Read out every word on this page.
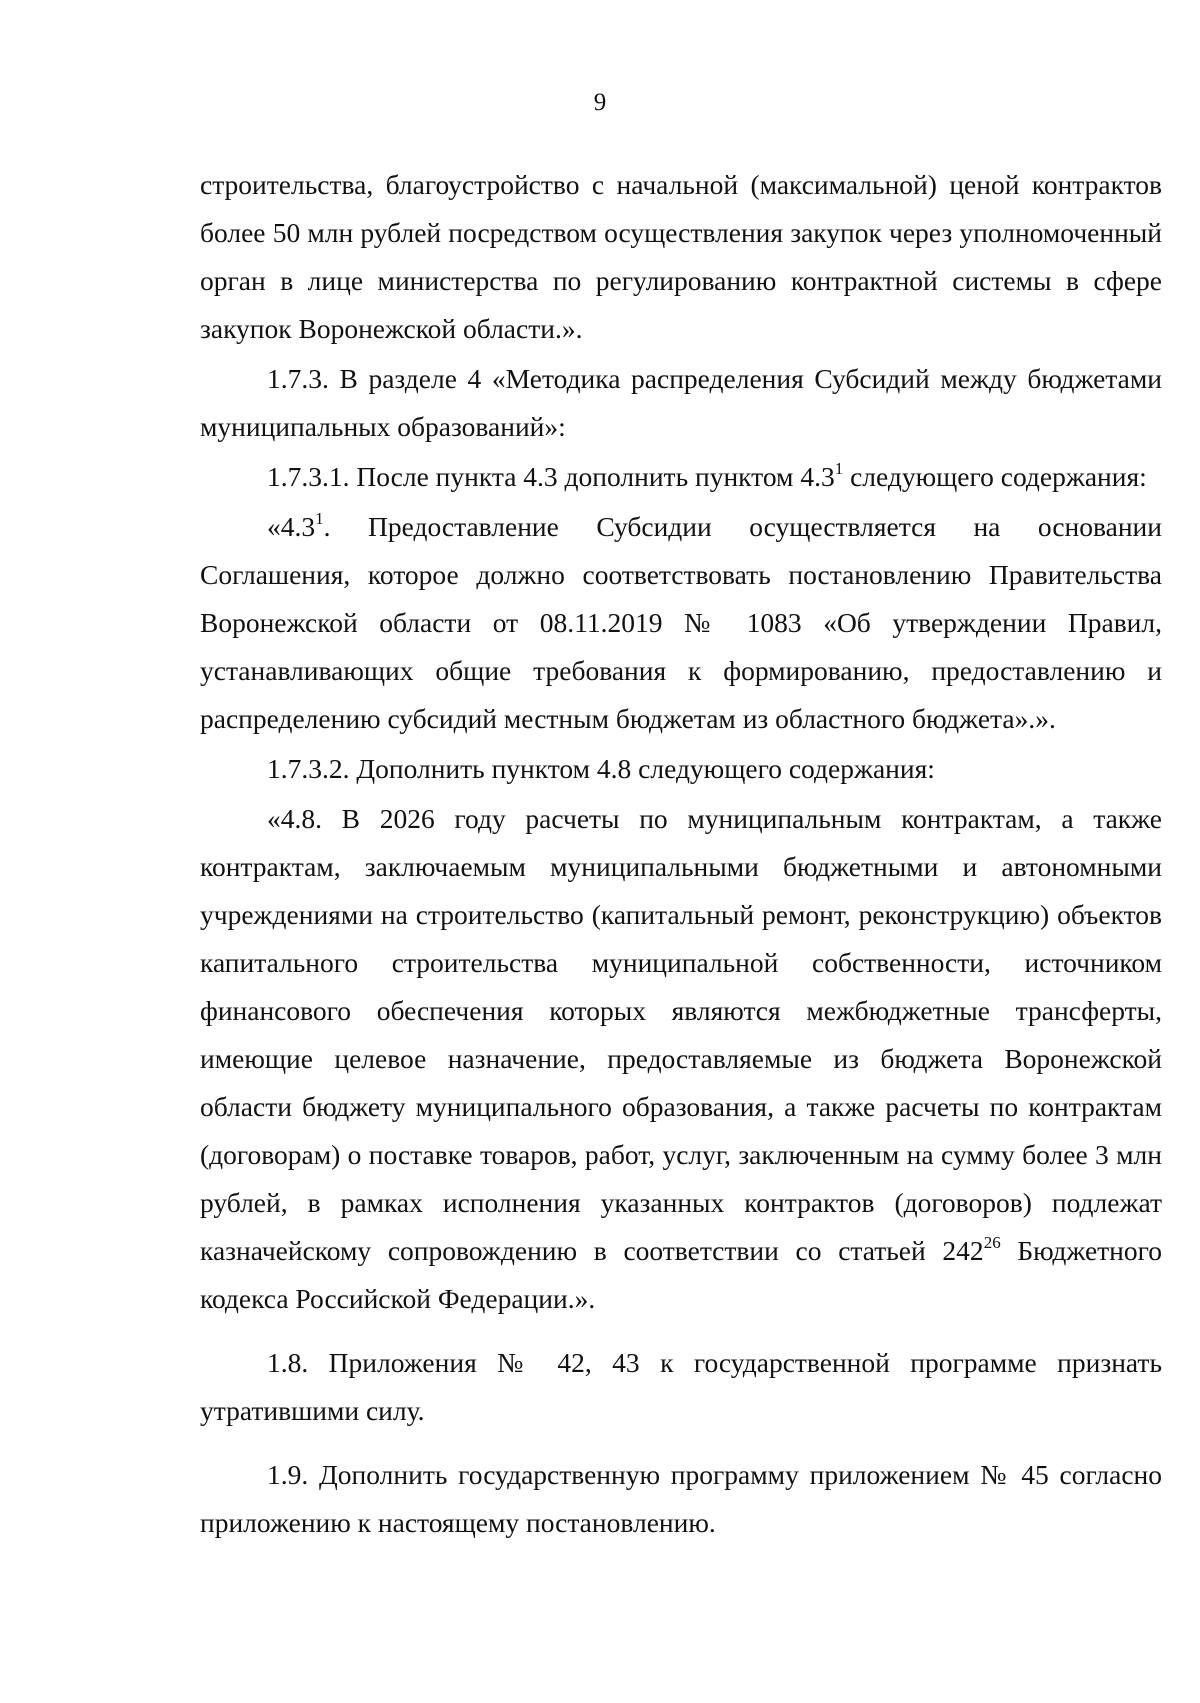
9

строительства, благоустройство с начальной (максимальной) ценой контрактов более 50 млн рублей посредством осуществления закупок через уполномоченный орган в лице министерства по регулированию контрактной системы в сфере закупок Воронежской области.».

1.7.3. В разделе 4 «Методика распределения Субсидий между бюджетами муниципальных образований»:

1.7.3.1. После пункта 4.3 дополнить пунктом $4.3^1$ следующего содержания:

«$4.3^1$. Предоставление Субсидии осуществляется на основании Соглашения, которое должно соответствовать постановлению Правительства Воронежской области от 08.11.2019 № 1083 «Об утверждении Правил, устанавливающих общие требования к формированию, предоставлению и распределению субсидий местным бюджетам из областного бюджета».».

1.7.3.2. Дополнить пунктом 4.8 следующего содержания:

«4.8. В 2026 году расчеты по муниципальным контрактам, а также контрактам, заключаемым муниципальными бюджетными и автономными учреждениями на строительство (капитальный ремонт, реконструкцию) объектов капитального строительства муниципальной собственности, источником финансового обеспечения которых являются межбюджетные трансферты, имеющие целевое назначение, предоставляемые из бюджета Воронежской области бюджету муниципального образования, а также расчеты по контрактам (договорам) о поставке товаров, работ, услуг, заключенным на сумму более 3 млн рублей, в рамках исполнения указанных контрактов (договоров) подлежат казначейскому сопровождению в соответствии со статьей $242^{26}$ Бюджетного кодекса Российской Федерации.».

1.8. Приложения № 42, 43 к государственной программе признать утратившими силу.

1.9. Дополнить государственную программу приложением № 45 согласно приложению к настоящему постановлению.
